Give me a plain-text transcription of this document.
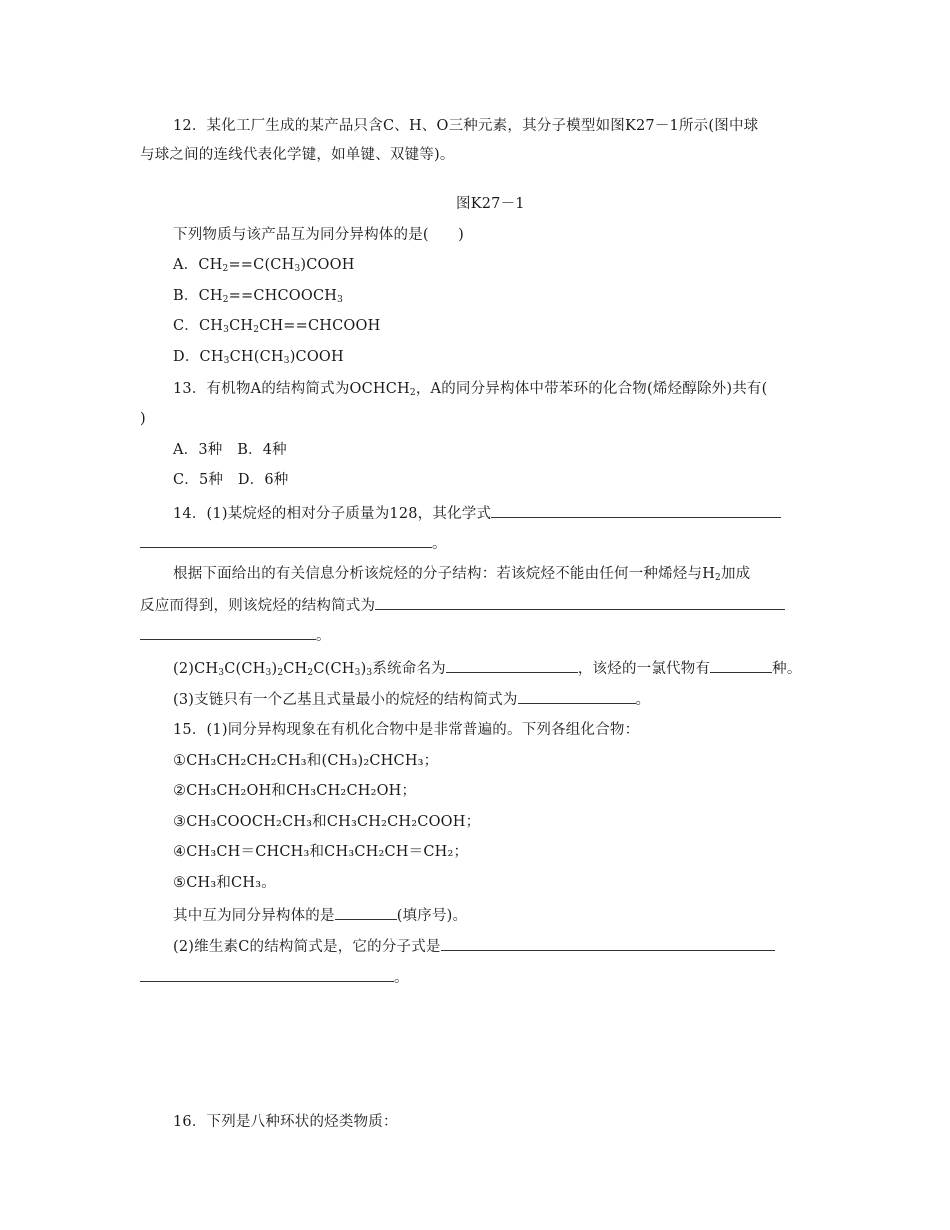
12．某化工厂生成的某产品只含C、H、O三种元素，其分子模型如图K27－1所示(图中球
与球之间的连线代表化学键，如单键、双键等)。
图K27－1
下列物质与该产品互为同分异构体的是(　　)
A．$CH_2==C(CH_3)COOH$
B．$CH_2==CHCOOCH_3$
C．$CH_3CH_2CH==CHCOOH$
D．$CH_3CH(CH_3)COOH$
13．有机物A的结构简式为$OCHCH_2$，A的同分异构体中带苯环的化合物(烯烃醇除外)共有(
)
A．3种　B．4种
C．5种　D．6种
14．(1)某烷烃的相对分子质量为128，其化学式
。
根据下面给出的有关信息分析该烷烃的分子结构：若该烷烃不能由任何一种烯烃与$H_2$加成
反应而得到，则该烷烃的结构简式为
。
$(2)CH_3C(CH_3)_2CH_2C(CH_3)_3$系统命名为	，该烃的一氯代物有	种。
(3)支链只有一个乙基且式量最小的烷烃的结构简式为	。
15．(1)同分异构现象在有机化合物中是非常普遍的。下列各组化合物：
①CH₃CH₂CH₂CH₃和(CH₃)₂CHCH₃；
②CH₃CH₂OH和CH₃CH₂CH₂OH；
③CH₃COOCH₂CH₃和CH₃CH₂CH₂COOH；
④CH₃CH＝CHCH₃和CH₃CH₂CH＝CH₂；
⑤CH₃和CH₃。
其中互为同分异构体的是	(填序号)。
(2)维生素C的结构简式是，它的分子式是
。
16．下列是八种环状的烃类物质：
